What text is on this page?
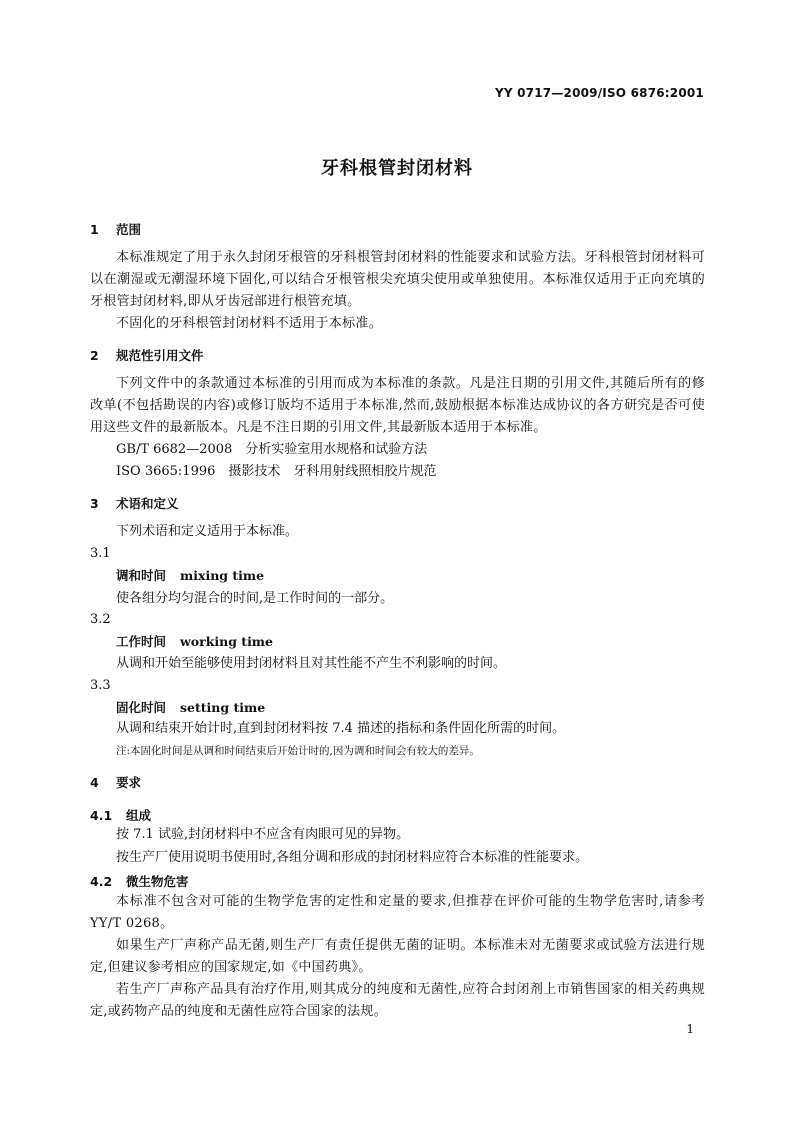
YY 0717—2009/ISO 6876:2001
牙科根管封闭材料
1 范围
本标准规定了用于永久封闭牙根管的牙科根管封闭材料的性能要求和试验方法。牙科根管封闭材料可以在潮湿或无潮湿环境下固化,可以结合牙根管根尖充填尖使用或单独使用。本标准仅适用于正向充填的牙根管封闭材料,即从牙齿冠部进行根管充填。
不固化的牙科根管封闭材料不适用于本标准。
2 规范性引用文件
下列文件中的条款通过本标准的引用而成为本标准的条款。凡是注日期的引用文件,其随后所有的修改单(不包括勘误的内容)或修订版均不适用于本标准,然而,鼓励根据本标准达成协议的各方研究是否可使用这些文件的最新版本。凡是不注日期的引用文件,其最新版本适用于本标准。
GB/T 6682—2008　分析实验室用水规格和试验方法
ISO 3665:1996　摄影技术　牙科用射线照相胶片规范
3 术语和定义
下列术语和定义适用于本标准。
3.1
调和时间 mixing time
使各组分均匀混合的时间,是工作时间的一部分。
3.2
工作时间 working time
从调和开始至能够使用封闭材料且对其性能不产生不利影响的时间。
3.3
固化时间 setting time
从调和结束开始计时,直到封闭材料按 7.4 描述的指标和条件固化所需的时间。
注:本固化时间是从调和时间结束后开始计时的,因为调和时间会有较大的差异。
4 要求
4.1 组成
按 7.1 试验,封闭材料中不应含有肉眼可见的异物。
按生产厂使用说明书使用时,各组分调和形成的封闭材料应符合本标准的性能要求。
4.2 微生物危害
本标准不包含对可能的生物学危害的定性和定量的要求,但推荐在评价可能的生物学危害时,请参考 YY/T 0268。
如果生产厂声称产品无菌,则生产厂有责任提供无菌的证明。本标准未对无菌要求或试验方法进行规定,但建议参考相应的国家规定,如《中国药典》。
若生产厂声称产品具有治疗作用,则其成分的纯度和无菌性,应符合封闭剂上市销售国家的相关药典规定,或药物产品的纯度和无菌性应符合国家的法规。
1
